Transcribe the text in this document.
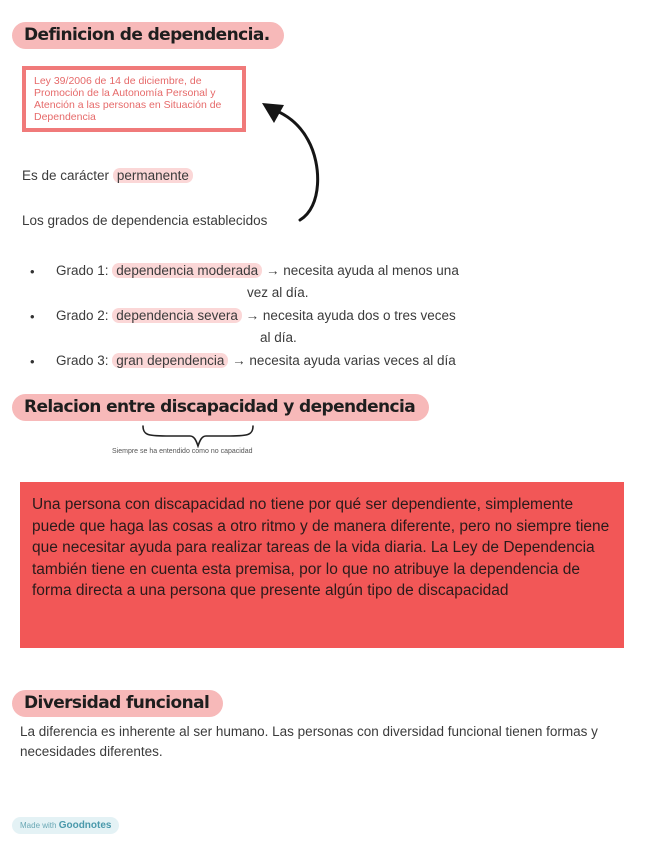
Definicion de dependencia.
Ley 39/2006 de 14 de diciembre, de Promoción de la Autonomía Personal y Atención a las personas en Situación de Dependencia
Es de carácter permanente
Los grados de dependencia establecidos
• Grado 1: dependencia moderada → necesita ayuda al menos una
vez al día.
• Grado 2: dependencia severa → necesita ayuda dos o tres veces
al día.
• Grado 3: gran dependencia → necesita ayuda varias veces al día
Relacion entre discapacidad y dependencia
Siempre se ha entendido como no capacidad
Una persona con discapacidad no tiene por qué ser dependiente, simplemente puede que haga las cosas a otro ritmo y de manera diferente, pero no siempre tiene que necesitar ayuda para realizar tareas de la vida diaria. La Ley de Dependencia también tiene en cuenta esta premisa, por lo que no atribuye la dependencia de forma directa a una persona que presente algún tipo de discapacidad
Diversidad funcional
La diferencia es inherente al ser humano. Las personas con diversidad funcional tienen formas y necesidades diferentes.
Made with Goodnotes
